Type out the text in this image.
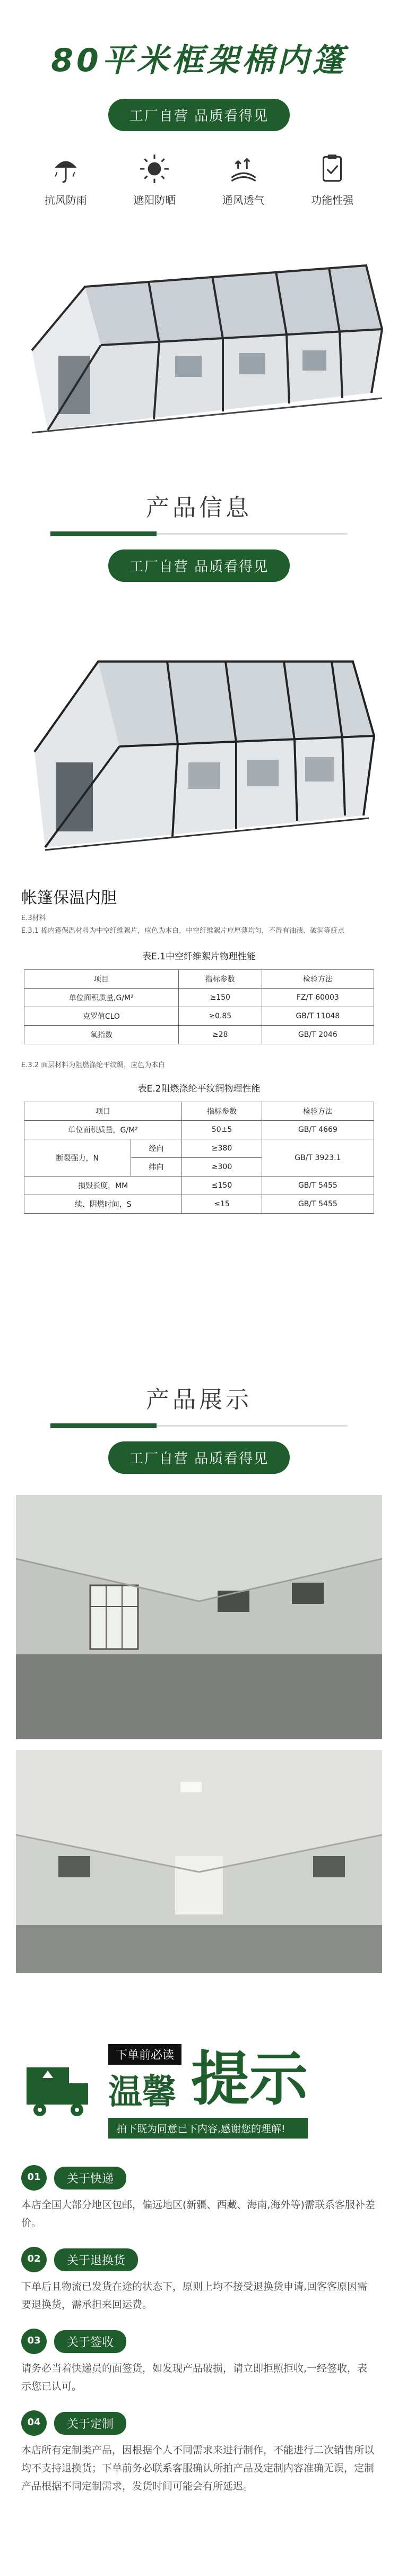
80平米框架棉内篷
工厂自营 品质看得见
抗风防雨	遮阳防晒	通风透气	功能性强
产品信息
工厂自营 品质看得见
帐篷保温内胆
E.3材料
E.3.1 棉内篷保温材料为中空纤维絮片，应色为本白，中空纤维絮片应厚薄均匀，不得有油渍、破洞等疵点
表E.1中空纤维絮片物理性能
项目	指标参数	检验方法
单位面积质量,G/M²	≥150	FZ/T 60003
克罗值CLO	≥0.85	GB/T 11048
氧指数	≥28	GB/T 2046
E.3.2 面层材料为阻燃涤纶平纹绸，应色为本白
表E.2阻燃涤纶平纹绸物理性能
项目		指标参数	检验方法
单位面积质量，G/M²		50±5	GB/T 4669
断裂强力，N	经向	≥380	GB/T 3923.1
	纬向	≥300	
损毁长度，MM		≤150	GB/T 5455
续、阴燃时间，S		≤15	GB/T 5455
产品展示
工厂自营 品质看得见
下单前必读
温馨 提示
拍下既为同意已下内容,感谢您的理解!
01	关于快递
本店全国大部分地区包邮，偏远地区(新疆、西藏、海南,海外等)需联系客服补差价。
02	关于退换货
下单后且物流已发货在途的状态下，原则上均不接受退换货申请,回客客原因需要退换货，需承担来回运费。
03	关于签收
请务必当着快递员的面签货，如发现产品破损，请立即拒照拒收,一经签收，表示您已认可。
04	关于定制
本店所有定制类产品，因根据个人不同需求来进行制作，不能进行二次销售所以均不支持退换货；下单前务必联系客服确认所拍产品及定制内容准确无误，定制产品根据不同定制需求，发货时间可能会有所延迟。
